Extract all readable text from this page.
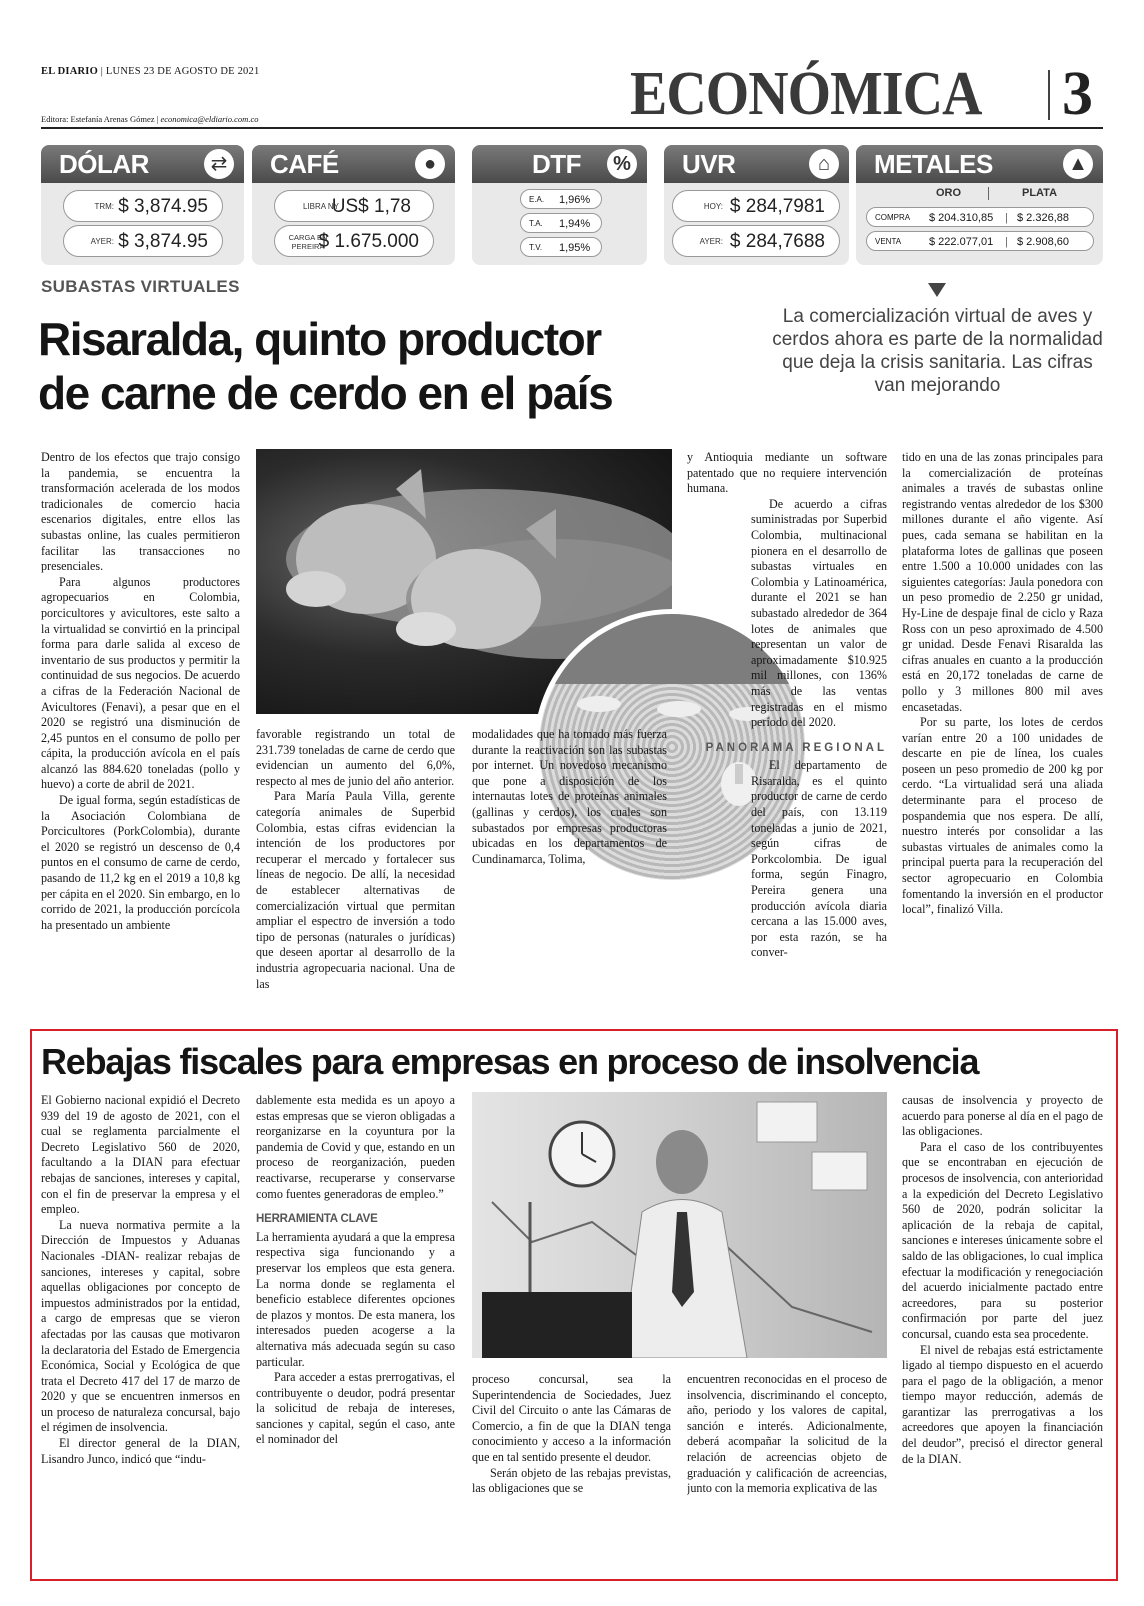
EL DIARIO | LUNES 23 DE AGOSTO DE 2021
Editora: Estefanía Arenas Gómez | economica@eldiario.com.co	ECONÓMICA 3
DÓLAR	⇄
TRM: $ 3,874.95
AYER: $ 3,874.95
CAFÉ	●
LIBRA NY
US$ 1,78
CARGA EN PEREIRA
$ 1.675.000
DTF	%
E.A. 1,96%
T.A. 1,94%
T.V. 1,95%
UVR	⌂
HOY: $ 284,7981
AYER: $ 284,7688
METALES	▲
ORO	PLATA
COMPRA $ 204.310,85 | $ 2.326,88
VENTA	$ 222.077,01 | $ 2.908,60
SUBASTAS VIRTUALES
Risaralda, quinto productor
de carne de cerdo en el país
La comercialización virtual de aves y cerdos ahora es parte de la normalidad que deja la crisis sanitaria. Las cifras van mejorando

Dentro de los efectos que trajo consigo la pandemia, se encuentra la transformación acelerada de los modos tradicionales de comercio hacia escenarios digitales, entre ellos las subastas online, las cuales permitieron facilitar las transacciones no presenciales.

Para algunos productores agropecuarios en Colombia, porcicultores y avicultores, este salto a la virtualidad se convirtió en la principal forma para darle salida al exceso de inventario de sus productos y permitir la continuidad de sus negocios. De acuerdo a cifras de la Federación Nacional de Avicultores (Fenavi), a pesar que en el 2020 se registró una disminución de 2,45 puntos en el consumo de pollo per cápita, la producción avícola en el país alcanzó las 884.620 toneladas (pollo y huevo) a corte de abril de 2021.

De igual forma, según estadísticas de la Asociación Colombiana de Porcicultores (PorkColombia), durante el 2020 se registró un descenso de 0,4 puntos en el consumo de carne de cerdo, pasando de 11,2 kg en el 2019 a 10,8 kg per cápita en el 2020. Sin embargo, en lo corrido de 2021, la producción porcícola ha presentado un ambiente

favorable registrando un total de 231.739 toneladas de carne de cerdo que evidencian un aumento del 6,0%, respecto al mes de junio del año anterior.

Para María Paula Villa, gerente categoría animales de Superbid Colombia, estas cifras evidencian la intención de los productores por recuperar el mercado y fortalecer sus líneas de negocio. De allí, la necesidad de establecer alternativas de comercialización virtual que permitan ampliar el espectro de inversión a todo tipo de personas (naturales o jurídicas) que deseen aportar al desarrollo de la industria agropecuaria nacional. Una de las

modalidades que ha tomado más fuerza durante la reactivación son las subastas por internet. Un novedoso mecanismo que pone a disposición de los internautas lotes de proteínas animales (gallinas y cerdos), los cuales son subastados por empresas productoras ubicadas en los departamentos de Cundinamarca, Tolima,

y Antioquia mediante un software patentado que no requiere intervención humana.

De acuerdo a cifras suministradas por Superbid Colombia, multinacional pionera en el desarrollo de subastas virtuales en Colombia y Latinoamérica, durante el 2021 se han subastado alrededor de 364 lotes de animales que representan un valor de aproximadamente $10.925 mil millones, con 136% más de las ventas registradas en el mismo período del 2020.

PANORAMA REGIONAL

El departamento de Risaralda, es el quinto productor de carne de cerdo del país, con 13.119 toneladas a junio de 2021, según cifras de Porkcolombia. De igual forma, según Finagro, Pereira genera una producción avícola diaria cercana a las 15.000 aves, por esta razón, se ha conver-

tido en una de las zonas principales para la comercialización de proteínas animales a través de subastas online registrando ventas alrededor de los $300 millones durante el año vigente. Así pues, cada semana se habilitan en la plataforma lotes de gallinas que poseen entre 1.500 a 10.000 unidades con las siguientes categorías: Jaula ponedora con un peso promedio de 2.250 gr unidad, Hy-Line de despaje final de ciclo y Raza Ross con un peso aproximado de 4.500 gr unidad. Desde Fenavi Risaralda las cifras anuales en cuanto a la producción está en 20,172 toneladas de carne de pollo y 3 millones 800 mil aves encasetadas.

Por su parte, los lotes de cerdos varían entre 20 a 100 unidades de descarte en pie de línea, los cuales poseen un peso promedio de 200 kg por cerdo. “La virtualidad será una aliada determinante para el proceso de pospandemia que nos espera. De allí, nuestro interés por consolidar a las subastas virtuales de animales como la principal puerta para la recuperación del sector agropecuario en Colombia fomentando la inversión en el productor local”, finalizó Villa.

Rebajas fiscales para empresas en proceso de insolvencia

El Gobierno nacional expidió el Decreto 939 del 19 de agosto de 2021, con el cual se reglamenta parcialmente el Decreto Legislativo 560 de 2020, facultando a la DIAN para efectuar rebajas de sanciones, intereses y capital, con el fin de preservar la empresa y el empleo.

La nueva normativa permite a la Dirección de Impuestos y Aduanas Nacionales -DIAN- realizar rebajas de sanciones, intereses y capital, sobre aquellas obligaciones por concepto de impuestos administrados por la entidad, a cargo de empresas que se vieron afectadas por las causas que motivaron la declaratoria del Estado de Emergencia Económica, Social y Ecológica de que trata el Decreto 417 del 17 de marzo de 2020 y que se encuentren inmersos en un proceso de naturaleza concursal, bajo el régimen de insolvencia.

El director general de la DIAN, Lisandro Junco, indicó que “indu-

dablemente esta medida es un apoyo a estas empresas que se vieron obligadas a reorganizarse en la coyuntura por la pandemia de Covid y que, estando en un proceso de reorganización, pueden reactivarse, recuperarse y conservarse como fuentes generadoras de empleo.”

HERRAMIENTA CLAVE

La herramienta ayudará a que la empresa respectiva siga funcionando y a preservar los empleos que esta genera. La norma donde se reglamenta el beneficio establece diferentes opciones de plazos y montos. De esta manera, los interesados pueden acogerse a la alternativa más adecuada según su caso particular.

Para acceder a estas prerrogativas, el contribuyente o deudor, podrá presentar la solicitud de rebaja de intereses, sanciones y capital, según el caso, ante el nominador del

proceso concursal, sea la Superintendencia de Sociedades, Juez Civil del Circuito o ante las Cámaras de Comercio, a fin de que la DIAN tenga conocimiento y acceso a la información que en tal sentido presente el deudor.

Serán objeto de las rebajas previstas, las obligaciones que se

encuentren reconocidas en el proceso de insolvencia, discriminando el concepto, año, periodo y los valores de capital, sanción e interés. Adicionalmente, deberá acompañar la solicitud de la relación de acreencias objeto de graduación y calificación de acreencias, junto con la memoria explicativa de las

causas de insolvencia y proyecto de acuerdo para ponerse al día en el pago de las obligaciones.

Para el caso de los contribuyentes que se encontraban en ejecución de procesos de insolvencia, con anterioridad a la expedición del Decreto Legislativo 560 de 2020, podrán solicitar la aplicación de la rebaja de capital, sanciones e intereses únicamente sobre el saldo de las obligaciones, lo cual implica efectuar la modificación y renegociación del acuerdo inicialmente pactado entre acreedores, para su posterior confirmación por parte del juez concursal, cuando esta sea procedente.

El nivel de rebajas está estrictamente ligado al tiempo dispuesto en el acuerdo para el pago de la obligación, a menor tiempo mayor reducción, además de garantizar las prerrogativas a los acreedores que apoyen la financiación del deudor”, precisó el director general de la DIAN.
